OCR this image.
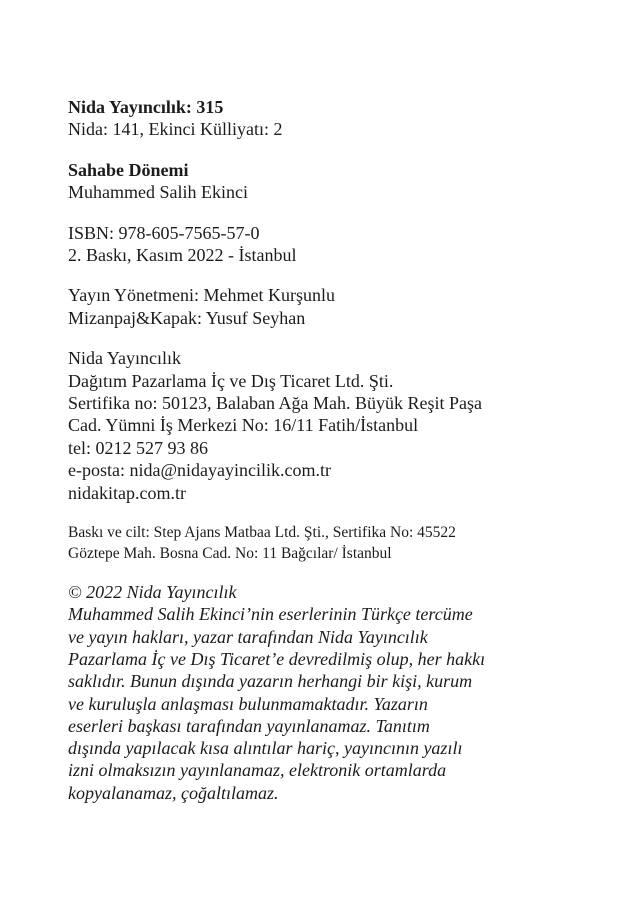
Nida Yayıncılık: 315

Nida: 141, Ekinci Külliyatı: 2

Sahabe Dönemi

Muhammed Salih Ekinci

ISBN: 978-605-7565-57-0

2. Baskı, Kasım 2022 - İstanbul

Yayın Yönetmeni: Mehmet Kurşunlu

Mizanpaj&Kapak: Yusuf Seyhan

Nida Yayıncılık

Dağıtım Pazarlama İç ve Dış Ticaret Ltd. Şti.

Sertifika no: 50123, Balaban Ağa Mah. Büyük Reşit Paşa

Cad. Yümni İş Merkezi No: 16/11 Fatih/İstanbul

tel: 0212 527 93 86

e-posta: nida@nidayayincilik.com.tr

nidakitap.com.tr

Baskı ve cilt: Step Ajans Matbaa Ltd. Şti., Sertifika No: 45522

Göztepe Mah. Bosna Cad. No: 11 Bağcılar/ İstanbul

© 2022 Nida Yayıncılık

Muhammed Salih Ekinci’nin eserlerinin Türkçe tercüme

ve yayın hakları, yazar tarafından Nida Yayıncılık

Pazarlama İç ve Dış Ticaret’e devredilmiş olup, her hakkı

saklıdır. Bunun dışında yazarın herhangi bir kişi, kurum

ve kuruluşla anlaşması bulunmamaktadır. Yazarın

eserleri başkası tarafından yayınlanamaz. Tanıtım

dışında yapılacak kısa alıntılar hariç, yayıncının yazılı

izni olmaksızın yayınlanamaz, elektronik ortamlarda

kopyalanamaz, çoğaltılamaz.
